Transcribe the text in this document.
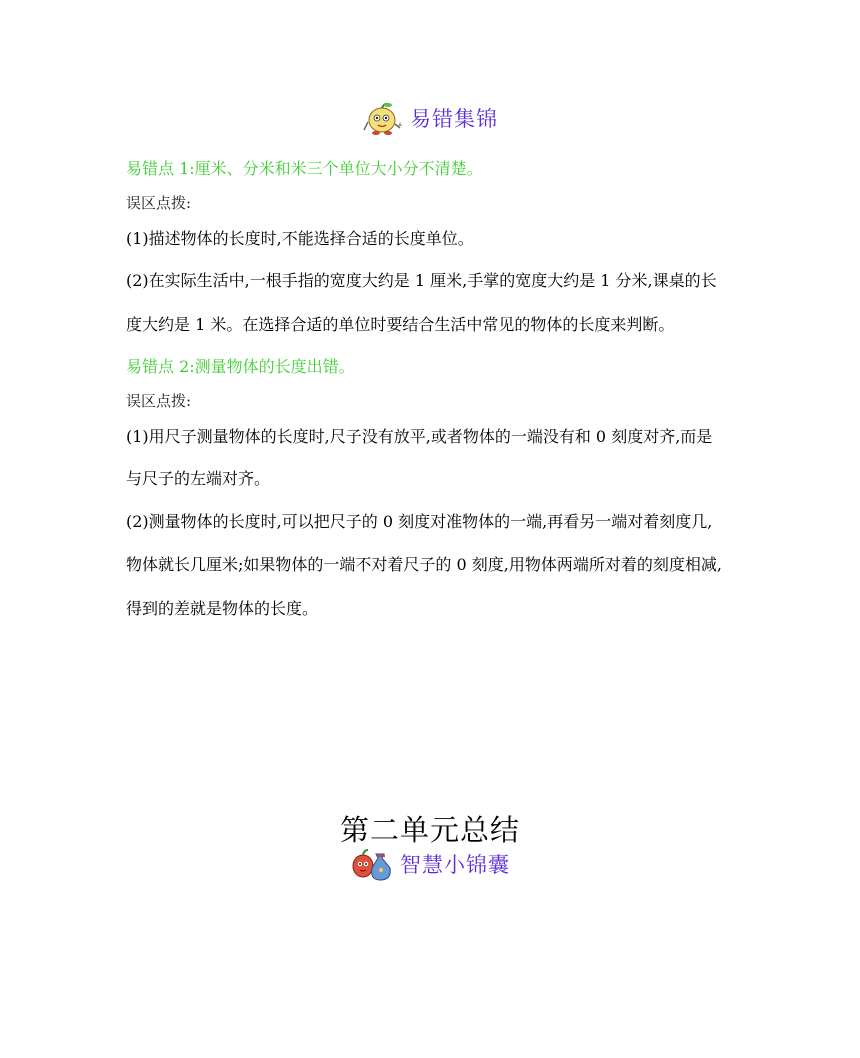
易错集锦
易错点 1:厘米、分米和米三个单位大小分不清楚。
误区点拨:
(1)描述物体的长度时,不能选择合适的长度单位。
(2)在实际生活中,一根手指的宽度大约是 1 厘米,手掌的宽度大约是 1 分米,课桌的长
度大约是 1 米。在选择合适的单位时要结合生活中常见的物体的长度来判断。
易错点 2:测量物体的长度出错。
误区点拨:
(1)用尺子测量物体的长度时,尺子没有放平,或者物体的一端没有和 0 刻度对齐,而是
与尺子的左端对齐。
(2)测量物体的长度时,可以把尺子的 0 刻度对准物体的一端,再看另一端对着刻度几,
物体就长几厘米;如果物体的一端不对着尺子的 0 刻度,用物体两端所对着的刻度相减,
得到的差就是物体的长度。
第二单元总结
智慧小锦囊
